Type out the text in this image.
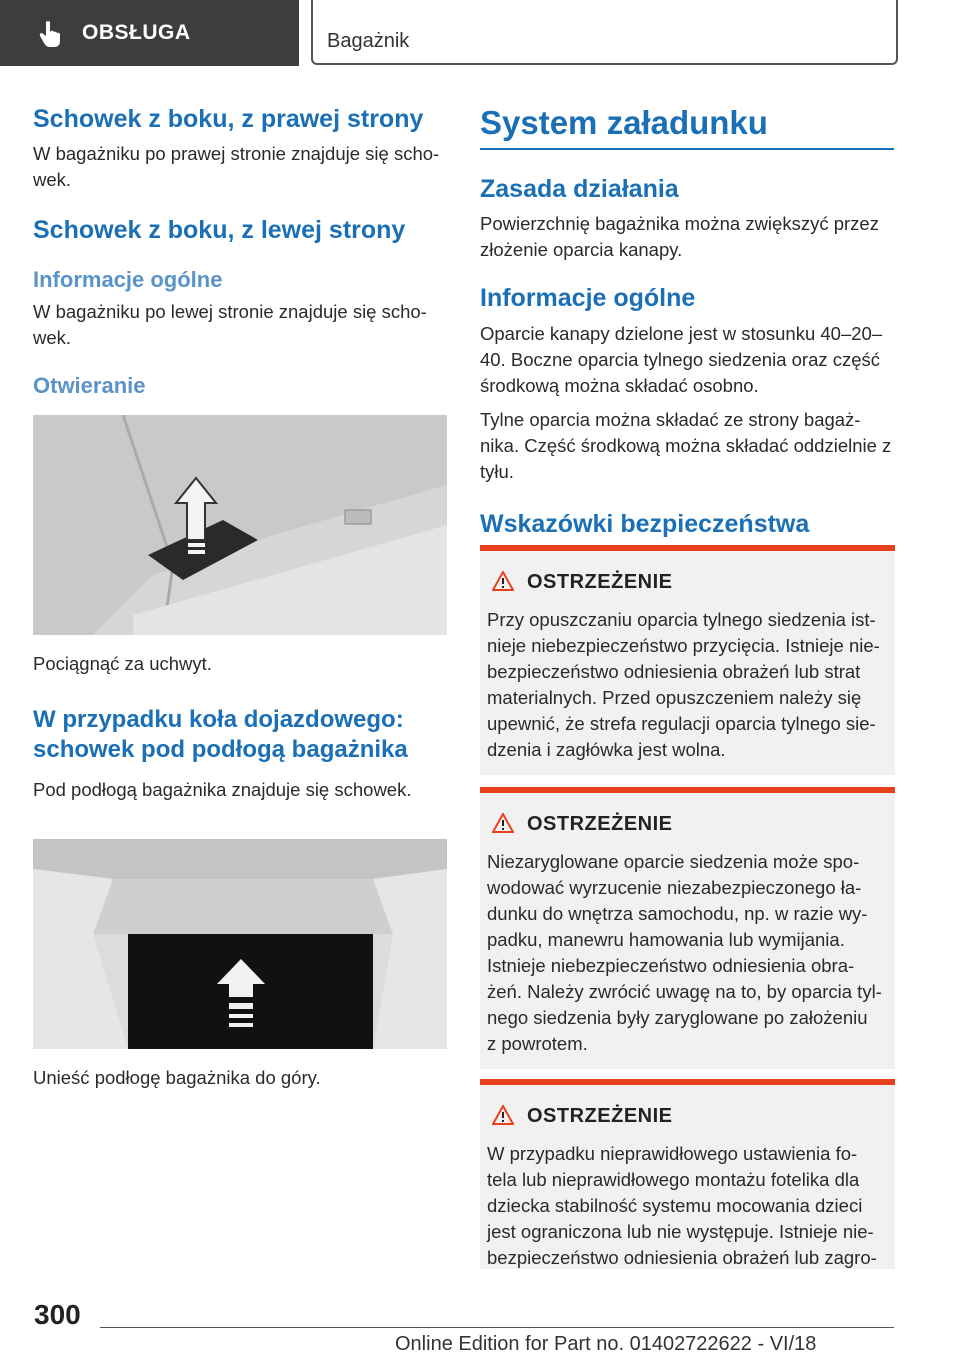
OBSŁUGA	Bagażnik
Schowek z boku, z prawej strony

W bagażniku po prawej stronie znajduje się scho- wek.

Schowek z boku, z lewej strony
Informacje ogólne

W bagażniku po lewej stronie znajduje się scho- wek.

Otwieranie

Pociągnąć za uchwyt.

W przypadku koła dojazdowego: schowek pod podłogą bagażnika

Pod podłogą bagażnika znajduje się schowek.

Unieść podłogę bagażnika do góry.

System załadunku
Zasada działania

Powierzchnię bagażnika można zwiększyć przez złożenie oparcia kanapy.

Informacje ogólne

Oparcie kanapy dzielone jest w stosunku 40–20– 40. Boczne oparcia tylnego siedzenia oraz część środkową można składać osobno.

Tylne oparcia można składać ze strony bagaż- nika. Część środkową można składać oddzielnie z tyłu.

Wskazówki bezpieczeństwa
OSTRZEŻENIE
Przy opuszczaniu oparcia tylnego siedzenia ist-
nieje niebezpieczeństwo przycięcia. Istnieje nie-
bezpieczeństwo odniesienia obrażeń lub strat
materialnych. Przed opuszczeniem należy się
upewnić, że strefa regulacji oparcia tylnego sie-
dzenia i zagłówka jest wolna.
OSTRZEŻENIE
Niezaryglowane oparcie siedzenia może spo-
wodować wyrzucenie niezabezpieczonego ła-
dunku do wnętrza samochodu, np. w razie wy-
padku, manewru hamowania lub wymijania.
Istnieje niebezpieczeństwo odniesienia obra-
żeń. Należy zwrócić uwagę na to, by oparcia tyl-
nego siedzenia były zaryglowane po założeniu
z powrotem.
OSTRZEŻENIE
W przypadku nieprawidłowego ustawienia fo-
tela lub nieprawidłowego montażu fotelika dla
dziecka stabilność systemu mocowania dzieci
jest ograniczona lub nie występuje. Istnieje nie-
bezpieczeństwo odniesienia obrażeń lub zagro-
300
Online Edition for Part no. 01402722622 - VI/18
